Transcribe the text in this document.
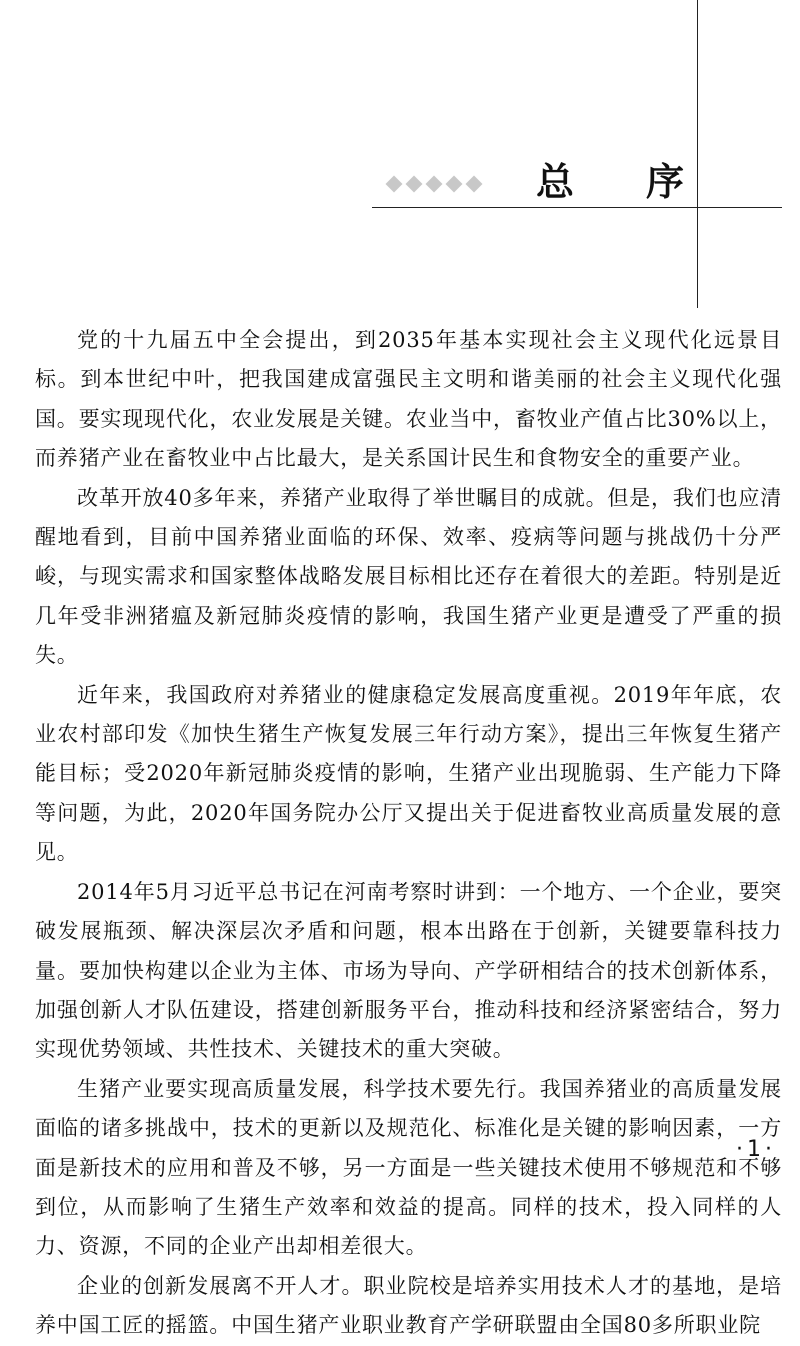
总 序

党的十九届五中全会提出，到2035年基本实现社会主义现代化远景目标。到本世纪中叶，把我国建成富强民主文明和谐美丽的社会主义现代化强国。要实现现代化，农业发展是关键。农业当中，畜牧业产值占比30%以上，而养猪产业在畜牧业中占比最大，是关系国计民生和食物安全的重要产业。

改革开放40多年来，养猪产业取得了举世瞩目的成就。但是，我们也应清醒地看到，目前中国养猪业面临的环保、效率、疫病等问题与挑战仍十分严峻，与现实需求和国家整体战略发展目标相比还存在着很大的差距。特别是近几年受非洲猪瘟及新冠肺炎疫情的影响，我国生猪产业更是遭受了严重的损失。

近年来，我国政府对养猪业的健康稳定发展高度重视。2019年年底，农业农村部印发《加快生猪生产恢复发展三年行动方案》，提出三年恢复生猪产能目标；受2020年新冠肺炎疫情的影响，生猪产业出现脆弱、生产能力下降等问题，为此，2020年国务院办公厅又提出关于促进畜牧业高质量发展的意见。

2014年5月习近平总书记在河南考察时讲到：一个地方、一个企业，要突破发展瓶颈、解决深层次矛盾和问题，根本出路在于创新，关键要靠科技力量。要加快构建以企业为主体、市场为导向、产学研相结合的技术创新体系，加强创新人才队伍建设，搭建创新服务平台，推动科技和经济紧密结合，努力实现优势领域、共性技术、关键技术的重大突破。

生猪产业要实现高质量发展，科学技术要先行。我国养猪业的高质量发展面临的诸多挑战中，技术的更新以及规范化、标准化是关键的影响因素，一方面是新技术的应用和普及不够，另一方面是一些关键技术使用不够规范和不够到位，从而影响了生猪生产效率和效益的提高。同样的技术，投入同样的人力、资源，不同的企业产出却相差很大。

企业的创新发展离不开人才。职业院校是培养实用技术人才的基地，是培养中国工匠的摇篮。中国生猪产业职业教育产学研联盟由全国80多所职业院

·1·
